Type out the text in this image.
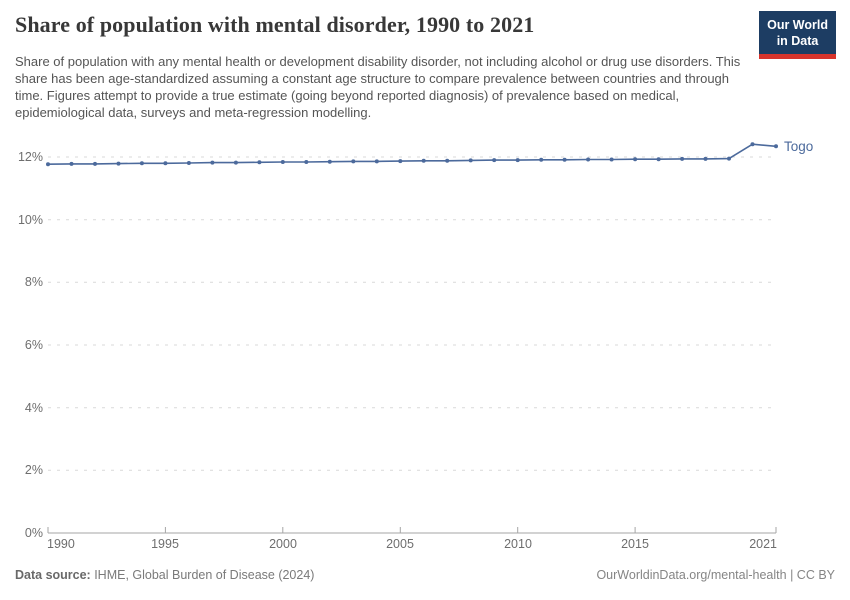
Share of population with mental disorder, 1990 to 2021	Our World
in Data

Share of population with any mental health or development disability disorder, not including alcohol or drug use disorders. This share has been age-standardized assuming a constant age structure to compare prevalence between countries and through time. Figures attempt to provide a true estimate (going beyond reported diagnosis) of prevalence based on medical, epidemiological data, surveys and meta-regression modelling.

0%
2%
4%
6%
8%
10%
12%
1990	1995	2000	2005	2010	2015	2021
Togo
Data source: IHME, Global Burden of Disease (2024)	OurWorldinData.org/mental-health | CC BY
